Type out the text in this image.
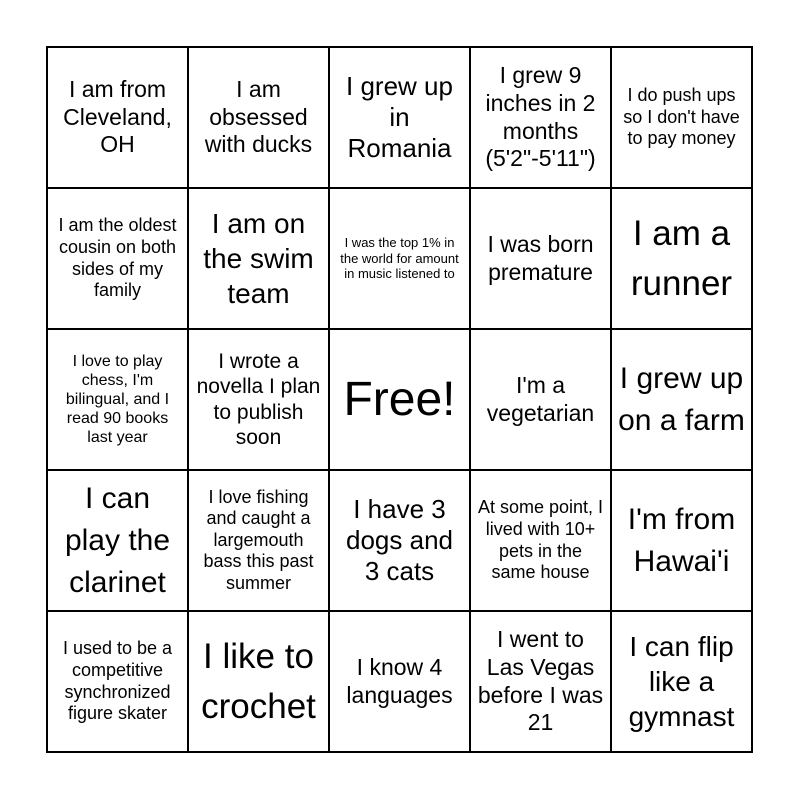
I am from Cleveland, OH
I am obsessed with ducks
I grew up in Romania
I grew 9 inches in 2 months (5'2"-5'11")
I do push ups so I don't have to pay money
I am the oldest cousin on both sides of my family
I am on the swim team
I was the top 1% in the world for amount in music listened to
I was born premature
I am a runner
I love to play chess, I'm bilingual, and I read 90 books last year
I wrote a novella I plan to publish soon
Free!	I'm a vegetarian
I grew up on a farm
I can play the clarinet
I love fishing and caught a largemouth bass this past summer
I have 3 dogs and 3 cats
At some point, I lived with 10+ pets in the same house
I'm from Hawai'i
I used to be a competitive synchronized figure skater
I like to crochet
I know 4 languages
I went to Las Vegas before I was 21
I can flip like a gymnast
